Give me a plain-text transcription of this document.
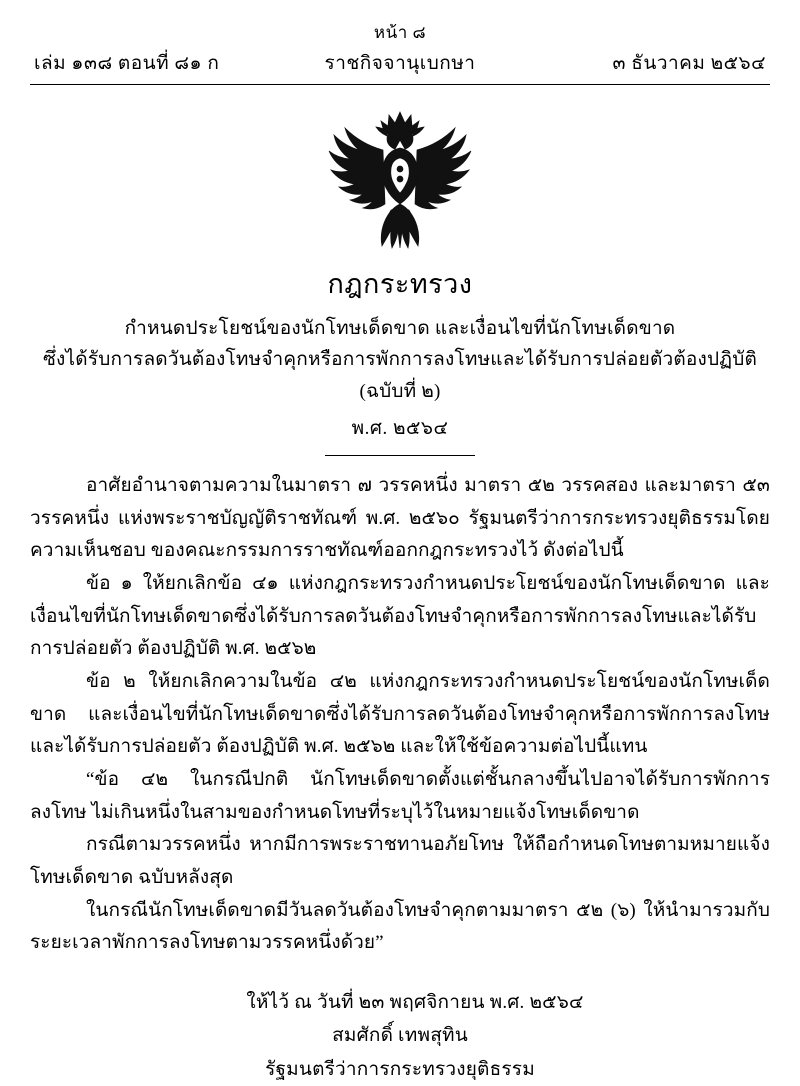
หน้า ๘
เล่ม ๑๓๘ ตอนที่ ๘๑ ก	ราชกิจจานุเบกษา	๓ ธันวาคม ๒๕๖๔
กฎกระทรวง
กำหนดประโยชน์ของนักโทษเด็ดขาด และเงื่อนไขที่นักโทษเด็ดขาด
ซึ่งได้รับการลดวันต้องโทษจำคุกหรือการพักการลงโทษและได้รับการปล่อยตัวต้องปฏิบัติ (ฉบับที่ ๒)
พ.ศ. ๒๕๖๔

อาศัยอำนาจตามความในมาตรา ๗ วรรคหนึ่ง มาตรา ๕๒ วรรคสอง และมาตรา ๕๓ วรรคหนึ่ง แห่งพระราชบัญญัติราชทัณฑ์ พ.ศ. ๒๕๖๐ รัฐมนตรีว่าการกระทรวงยุติธรรมโดยความเห็นชอบ ของคณะกรรมการราชทัณฑ์ออกกฎกระทรวงไว้ ดังต่อไปนี้

ข้อ ๑ ให้ยกเลิกข้อ ๔๑ แห่งกฎกระทรวงกำหนดประโยชน์ของนักโทษเด็ดขาด และเงื่อนไขที่นักโทษเด็ดขาดซึ่งได้รับการลดวันต้องโทษจำคุกหรือการพักการลงโทษและได้รับการปล่อยตัว ต้องปฏิบัติ พ.ศ. ๒๕๖๒

ข้อ ๒ ให้ยกเลิกความในข้อ ๔๒ แห่งกฎกระทรวงกำหนดประโยชน์ของนักโทษเด็ดขาด และเงื่อนไขที่นักโทษเด็ดขาดซึ่งได้รับการลดวันต้องโทษจำคุกหรือการพักการลงโทษและได้รับการปล่อยตัว ต้องปฏิบัติ พ.ศ. ๒๕๖๒ และให้ใช้ข้อความต่อไปนี้แทน

“ข้อ ๔๒ ในกรณีปกติ นักโทษเด็ดขาดตั้งแต่ชั้นกลางขึ้นไปอาจได้รับการพักการลงโทษ ไม่เกินหนึ่งในสามของกำหนดโทษที่ระบุไว้ในหมายแจ้งโทษเด็ดขาด

กรณีตามวรรคหนึ่ง หากมีการพระราชทานอภัยโทษ ให้ถือกำหนดโทษตามหมายแจ้งโทษเด็ดขาด ฉบับหลังสุด

ในกรณีนักโทษเด็ดขาดมีวันลดวันต้องโทษจำคุกตามมาตรา ๕๒ (๖) ให้นำมารวมกับ ระยะเวลาพักการลงโทษตามวรรคหนึ่งด้วย”

ให้ไว้ ณ วันที่ ๒๓ พฤศจิกายน พ.ศ. ๒๕๖๔
สมศักดิ์ เทพสุทิน
รัฐมนตรีว่าการกระทรวงยุติธรรม
